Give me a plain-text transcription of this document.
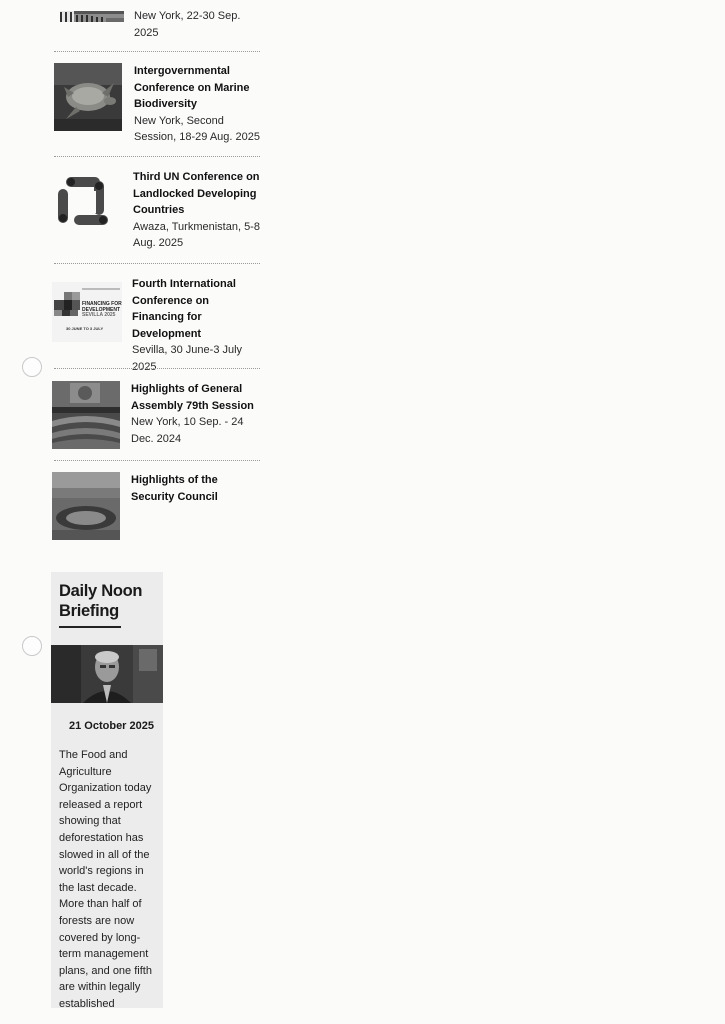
New York, 22-30 Sep. 2025
Intergovernmental Conference on Marine Biodiversity
New York, Second Session, 18-29 Aug. 2025
Third UN Conference on Landlocked Developing Countries
Awaza, Turkmenistan, 5-8 Aug. 2025
FINANCING FOR
DEVELOPMENT
SEVILLA 2025
30 JUNE TO 3 JULY
Fourth International Conference on Financing for Development
Sevilla, 30 June-3 July 2025
Highlights of General Assembly 79th Session
New York, 10 Sep. - 24 Dec. 2024
Highlights of the Security Council
Daily Noon Briefing
21 October 2025
The Food and Agriculture Organization today released a report showing that deforestation has slowed in all of the world's regions in the last decade. More than half of forests are now covered by long-term management plans, and one fifth are within legally established
